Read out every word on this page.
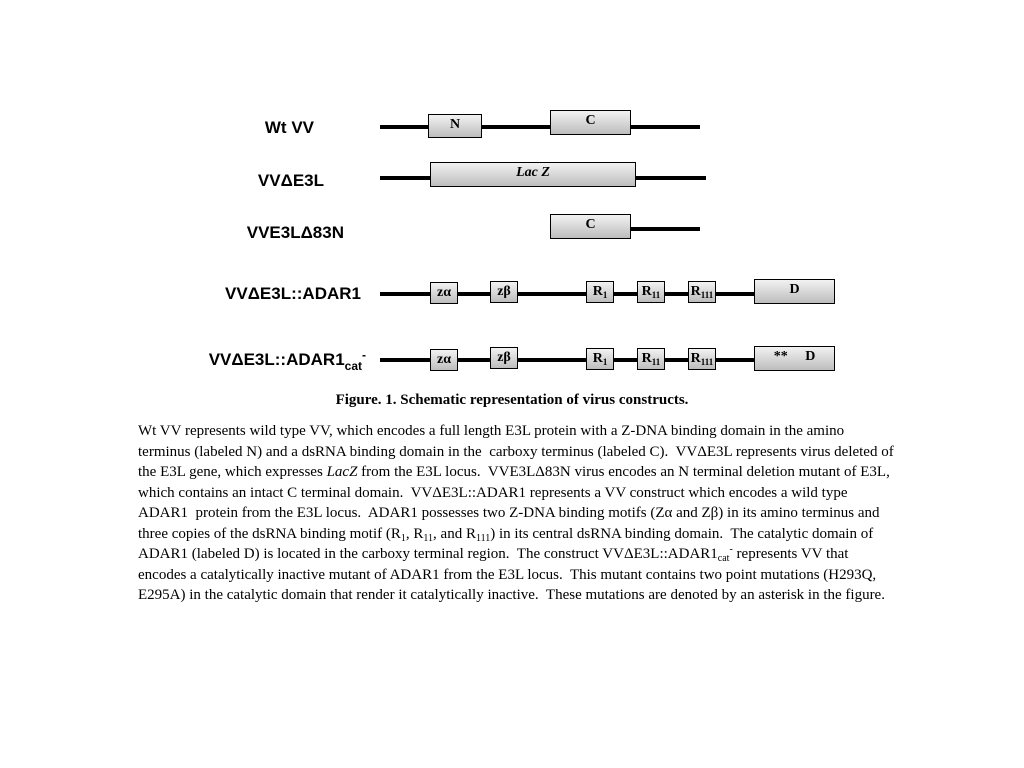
Wt VV
VVΔE3L
VVE3LΔ83N
VVΔE3L::ADAR1
$VV\Delta E3L::ADAR1_{cat}^-$
N	C
Lac Z
C
zα	zβ	$R_1$	$R_{11}$	$R_{111}$	D
zα	zβ	$R_1$	$R_{11}$	$R_{111}$	**     D
Figure. 1. Schematic representation of virus constructs.
Wt VV represents wild type VV, which encodes a full length E3L protein with a Z-DNA binding domain in the amino terminus (labeled N) and a dsRNA binding domain in the  carboxy terminus (labeled C).  VVΔE3L represents virus deleted of the E3L gene, which expresses LacZ from the E3L locus.  VVE3LΔ83N virus encodes an N terminal deletion mutant of E3L, which contains an intact C terminal domain.  VVΔE3L::ADAR1 represents a VV construct which encodes a wild type ADAR1  protein from the E3L locus.  ADAR1 possesses two Z-DNA binding motifs (Zα and Zβ) in its amino terminus and three copies of the dsRNA binding motif ($R_1$, $R_{11}$, and $R_{111}$) in its central dsRNA binding domain.  The catalytic domain of ADAR1 (labeled D) is located in the carboxy terminal region.  The construct $VV\Delta E3L::ADAR1_{cat}^-$ represents VV that encodes a catalytically inactive mutant of ADAR1 from the E3L locus.  This mutant contains two point mutations (H293Q, E295A) in the catalytic domain that render it catalytically inactive.  These mutations are denoted by an asterisk in the figure.
